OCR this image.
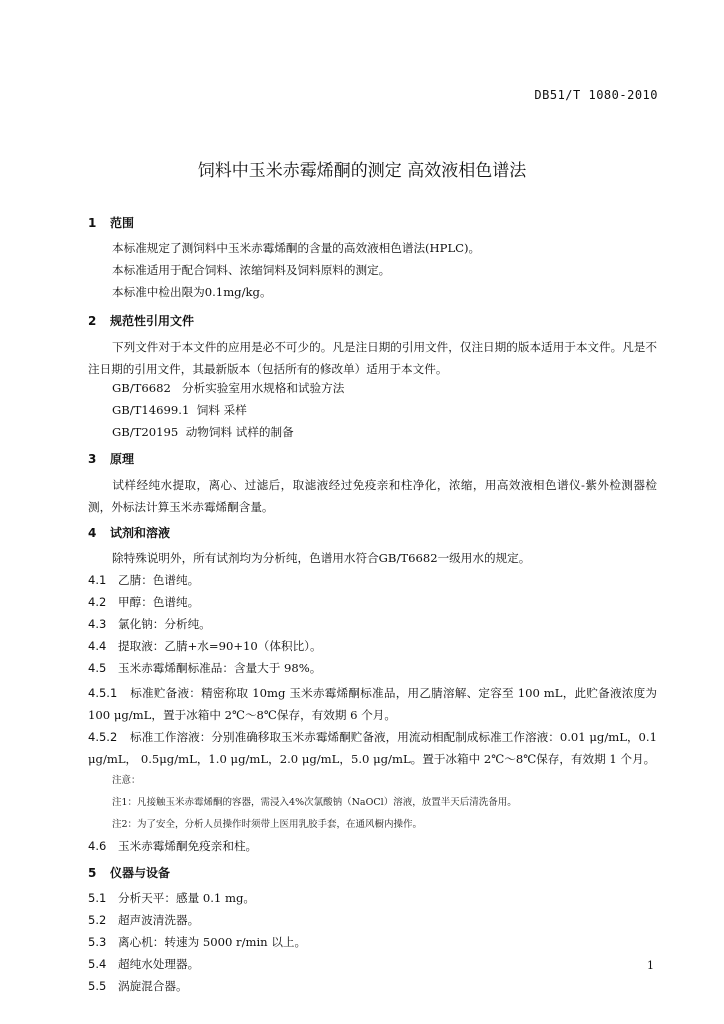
DB51/T 1080-2010
饲料中玉米赤霉烯酮的测定 高效液相色谱法
1 范围
本标准规定了测饲料中玉米赤霉烯酮的含量的高效液相色谱法(HPLC)。
本标准适用于配合饲料、浓缩饲料及饲料原料的测定。
本标准中检出限为0.1mg/kg。
2 规范性引用文件
下列文件对于本文件的应用是必不可少的。凡是注日期的引用文件，仅注日期的版本适用于本文件。凡是不注日期的引用文件，其最新版本（包括所有的修改单）适用于本文件。
GB/T6682 分析实验室用水规格和试验方法
GB/T14699.1 饲料 采样
GB/T20195 动物饲料 试样的制备
3 原理
试样经纯水提取，离心、过滤后，取滤液经过免疫亲和柱净化，浓缩，用高效液相色谱仪-紫外检测器检测，外标法计算玉米赤霉烯酮含量。
4 试剂和溶液
除特殊说明外，所有试剂均为分析纯，色谱用水符合GB/T6682一级用水的规定。
4.1 乙腈：色谱纯。
4.2 甲醇：色谱纯。
4.3 氯化钠：分析纯。
4.4 提取液：乙腈+水=90+10（体积比）。
4.5 玉米赤霉烯酮标准品：含量大于 98%。
4.5.1 标准贮备液：精密称取 10mg 玉米赤霉烯酮标准品，用乙腈溶解、定容至 100 mL，此贮备液浓度为 100 μg/mL，置于冰箱中 2℃～8℃保存，有效期 6 个月。
4.5.2 标准工作溶液：分别准确移取玉米赤霉烯酮贮备液，用流动相配制成标准工作溶液：0.01 μg/mL，0.1 μg/mL， 0.5μg/mL，1.0 μg/mL，2.0 μg/mL，5.0 μg/mL。置于冰箱中 2℃～8℃保存，有效期 1 个月。
注意：
注1：凡接触玉米赤霉烯酮的容器，需浸入4%次氯酸钠（NaOCl）溶液，放置半天后清洗备用。
注2：为了安全，分析人员操作时须带上医用乳胶手套，在通风橱内操作。
4.6 玉米赤霉烯酮免疫亲和柱。
5 仪器与设备
5.1 分析天平：感量 0.1 mg。
5.2 超声波清洗器。
5.3 离心机：转速为 5000 r/min 以上。
5.4 超纯水处理器。
5.5 涡旋混合器。
1
